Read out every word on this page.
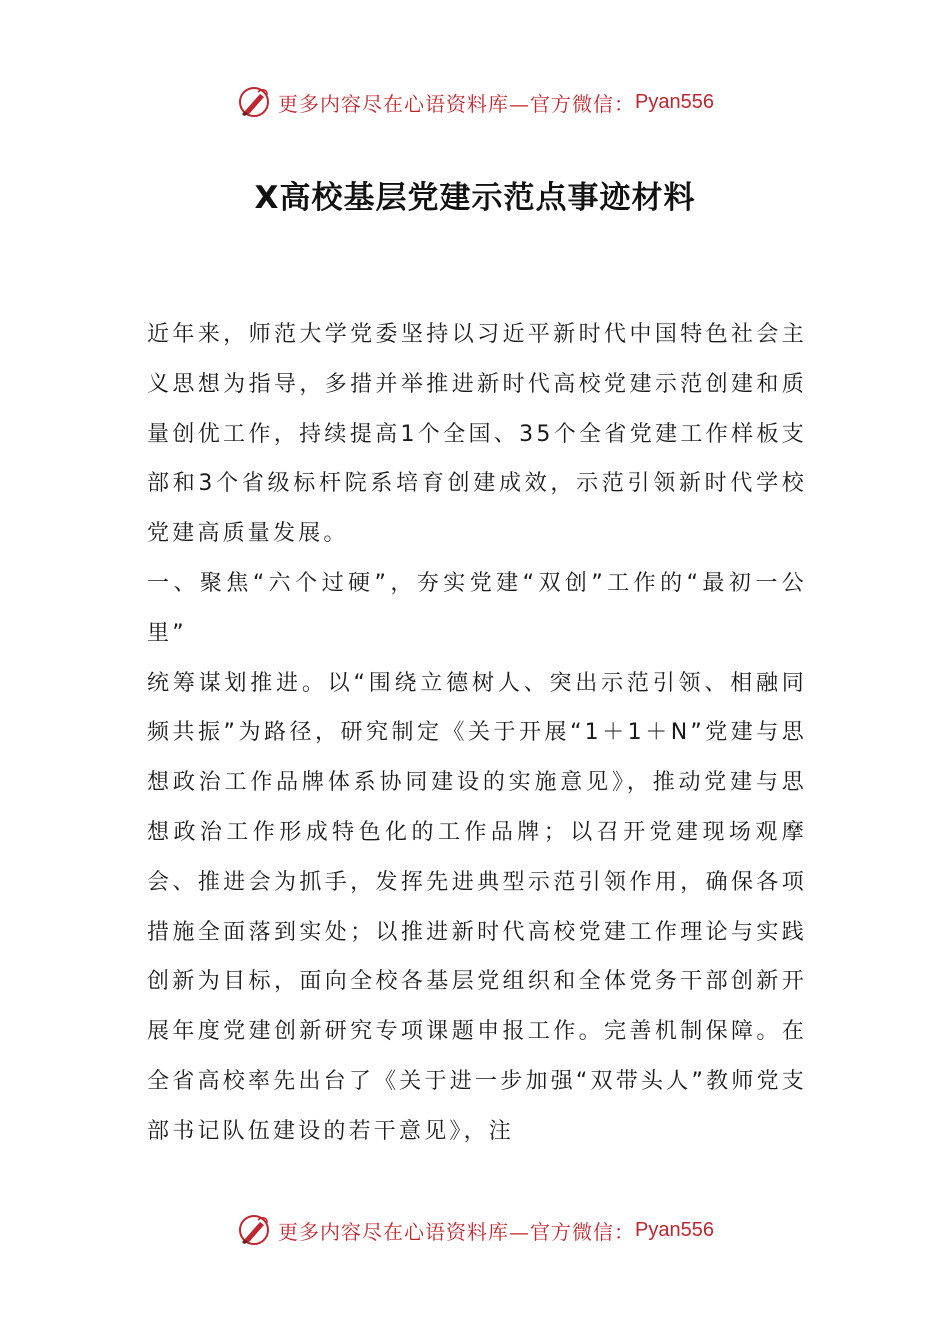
更多内容尽在心语资料库—官方微信： Pyan556
X高校基层党建示范点事迹材料

近年来，师范大学党委坚持以习近平新时代中国特色社会主义思想为指导，多措并举推进新时代高校党建示范创建和质量创优工作，持续提高1个全国、35个全省党建工作样板支部和3个省级标杆院系培育创建成效，示范引领新时代学校党建高质量发展。

一、聚焦“六个过硬”，夯实党建“双创”工作的“最初一公里”

统筹谋划推进。以“围绕立德树人、突出示范引领、相融同频共振”为路径，研究制定《关于开展“1＋1＋N”党建与思想政治工作品牌体系协同建设的实施意见》，推动党建与思想政治工作形成特色化的工作品牌；以召开党建现场观摩会、推进会为抓手，发挥先进典型示范引领作用，确保各项措施全面落到实处；以推进新时代高校党建工作理论与实践创新为目标，面向全校各基层党组织和全体党务干部创新开展年度党建创新研究专项课题申报工作。完善机制保障。在全省高校率先出台了《关于进一步加强“双带头人”教师党支部书记队伍建设的若干意见》，注

更多内容尽在心语资料库—官方微信： Pyan556
